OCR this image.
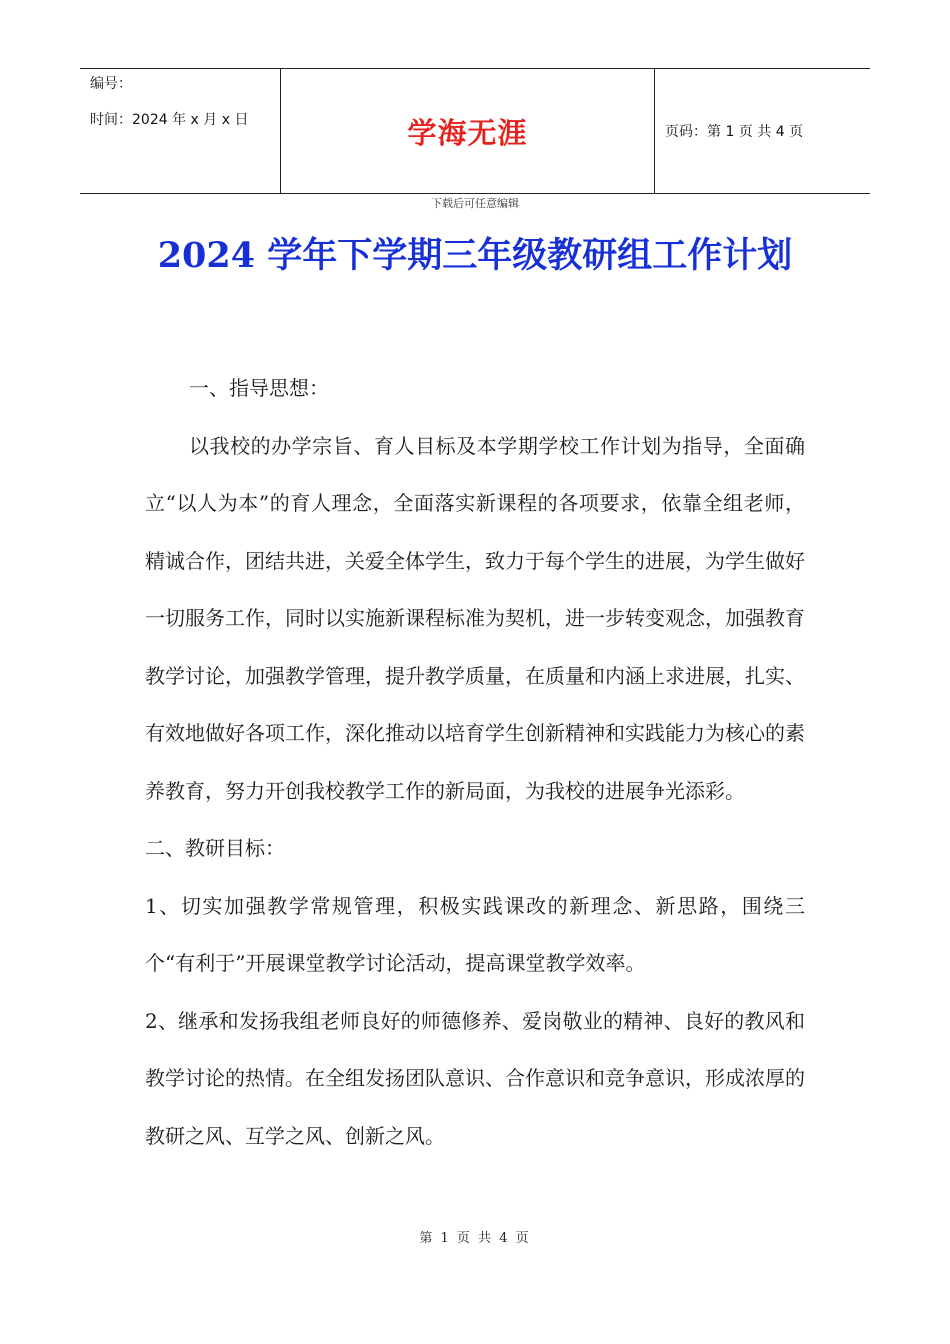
编号：
时间：2024 年 x 月 x 日	学海无涯	页码：第 1 页 共 4 页
下载后可任意编辑
2024 学年下学期三年级教研组工作计划

一、指导思想：

以我校的办学宗旨、育人目标及本学期学校工作计划为指导，全面确立“以人为本”的育人理念，全面落实新课程的各项要求，依靠全组老师，精诚合作，团结共进，关爱全体学生，致力于每个学生的进展，为学生做好一切服务工作，同时以实施新课程标准为契机，进一步转变观念，加强教育教学讨论，加强教学管理，提升教学质量，在质量和内涵上求进展，扎实、有效地做好各项工作，深化推动以培育学生创新精神和实践能力为核心的素养教育，努力开创我校教学工作的新局面，为我校的进展争光添彩。

二、教研目标：

1、切实加强教学常规管理，积极实践课改的新理念、新思路，围绕三个“有利于”开展课堂教学讨论活动，提高课堂教学效率。

2、继承和发扬我组老师良好的师德修养、爱岗敬业的精神、良好的教风和教学讨论的热情。在全组发扬团队意识、合作意识和竞争意识，形成浓厚的教研之风、互学之风、创新之风。

第 1 页 共 4 页
